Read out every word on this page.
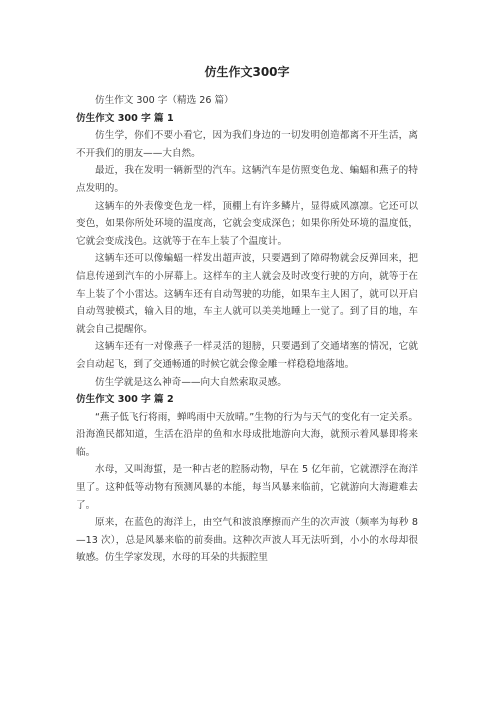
仿生作文300字

仿生作文 300 字（精选 26 篇）

仿生作文 300 字 篇 1

仿生学，你们不要小看它，因为我们身边的一切发明创造都离不开生活，离不开我们的朋友——大自然。

最近，我在发明一辆新型的汽车。这辆汽车是仿照变色龙、蝙蝠和燕子的特点发明的。

这辆车的外表像变色龙一样，顶棚上有许多鳞片，显得威风凛凛。它还可以变色，如果你所处环境的温度高，它就会变成深色；如果你所处环境的温度低，它就会变成浅色。这就等于在车上装了个温度计。

这辆车还可以像蝙蝠一样发出超声波，只要遇到了障碍物就会反弹回来，把信息传递到汽车的小屏幕上。这样车的主人就会及时改变行驶的方向，就等于在车上装了个小雷达。这辆车还有自动驾驶的功能，如果车主人困了，就可以开启自动驾驶模式，输入目的地，车主人就可以美美地睡上一觉了。到了目的地，车就会自己提醒你。

这辆车还有一对像燕子一样灵活的翅膀，只要遇到了交通堵塞的情况，它就会自动起飞，到了交通畅通的时候它就会像金雕一样稳稳地落地。

仿生学就是这么神奇——向大自然索取灵感。

仿生作文 300 字 篇 2

“燕子低飞行将雨，蝉鸣雨中天放晴。”生物的行为与天气的变化有一定关系。沿海渔民都知道，生活在沿岸的鱼和水母成批地游向大海，就预示着风暴即将来临。

水母，又叫海蜇，是一种古老的腔肠动物，早在 5 亿年前，它就漂浮在海洋里了。这种低等动物有预测风暴的本能，每当风暴来临前，它就游向大海避难去了。

原来，在蓝色的海洋上，由空气和波浪摩擦而产生的次声波（频率为每秒 8—13 次），总是风暴来临的前奏曲。这种次声波人耳无法听到，小小的水母却很敏感。仿生学家发现，水母的耳朵的共振腔里
